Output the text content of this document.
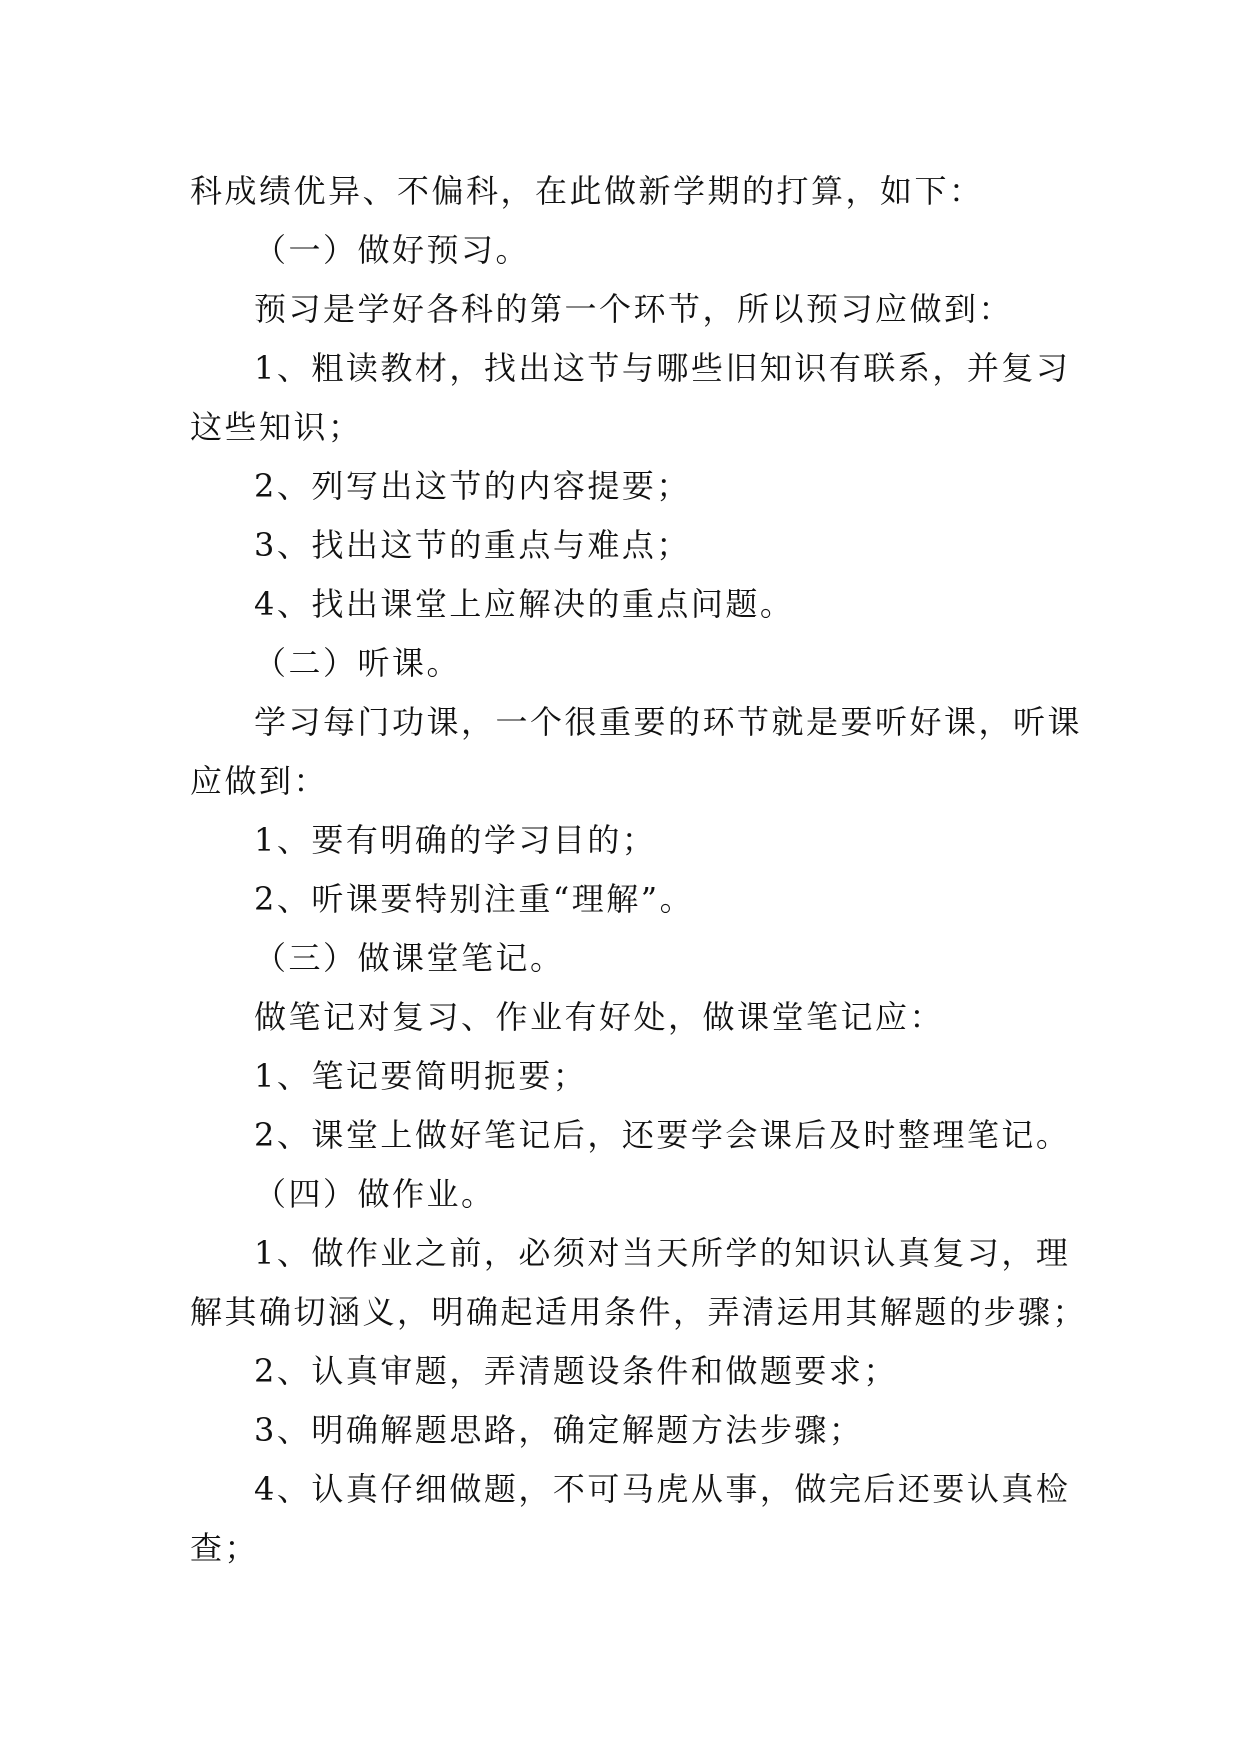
科成绩优异、不偏科，在此做新学期的打算，如下：
（一）做好预习。
预习是学好各科的第一个环节，所以预习应做到：
1、粗读教材，找出这节与哪些旧知识有联系，并复习
这些知识；
2、列写出这节的内容提要；
3、找出这节的重点与难点；
4、找出课堂上应解决的重点问题。
（二）听课。
学习每门功课，一个很重要的环节就是要听好课，听课
应做到：
1、要有明确的学习目的；
2、听课要特别注重“理解”。
（三）做课堂笔记。
做笔记对复习、作业有好处，做课堂笔记应：
1、笔记要简明扼要；
2、课堂上做好笔记后，还要学会课后及时整理笔记。
（四）做作业。
1、做作业之前，必须对当天所学的知识认真复习，理
解其确切涵义，明确起适用条件，弄清运用其解题的步骤；
2、认真审题，弄清题设条件和做题要求；
3、明确解题思路，确定解题方法步骤；
4、认真仔细做题，不可马虎从事，做完后还要认真检
查；
